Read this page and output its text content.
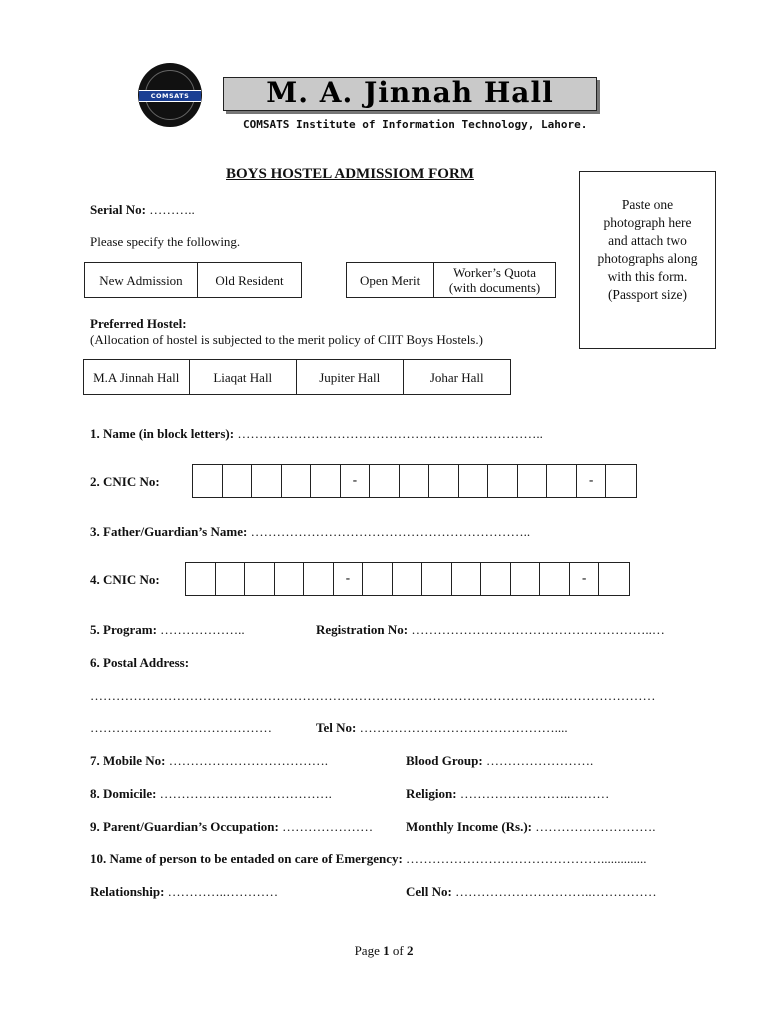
COMSATS	M. A. Jinnah Hall
COMSATS Institute of Information Technology, Lahore.
BOYS HOSTEL ADMISSIOM FORM
Paste one
photograph here
and attach two
photographs along
with this form.
(Passport size)
Serial No: ………..
Please specify the following.
New Admission	Old Resident	Open Merit	Worker’s Quota
(with documents)
Preferred Hostel:
(Allocation of hostel is subjected to the merit policy of CIIT Boys Hostels.)
M.A Jinnah Hall	Liaqat Hall	Jupiter Hall	Johar Hall
1. Name (in block letters): ……………………………………………………………..
2. CNIC No:	-	-
3. Father/Guardian’s Name: ………………………………………………………..
4. CNIC No:	-	-
5. Program: ………………..	Registration No: ………………………………………………..…
6. Postal Address:
……………………………………………………………………………………………..……………………
……………………………………	Tel No: ………………………………………....
7. Mobile No: ……………………………….	Blood Group: …………………….
8. Domicile: ………………………………….	Religion: ……………………..………
9. Parent/Guardian’s Occupation: …………………	Monthly Income (Rs.): ……………………….
10. Name of person to be entaded on care of Emergency: ………………………………………..............
Relationship: …………..…………	Cell No: …………………………..……………
Page 1 of 2
